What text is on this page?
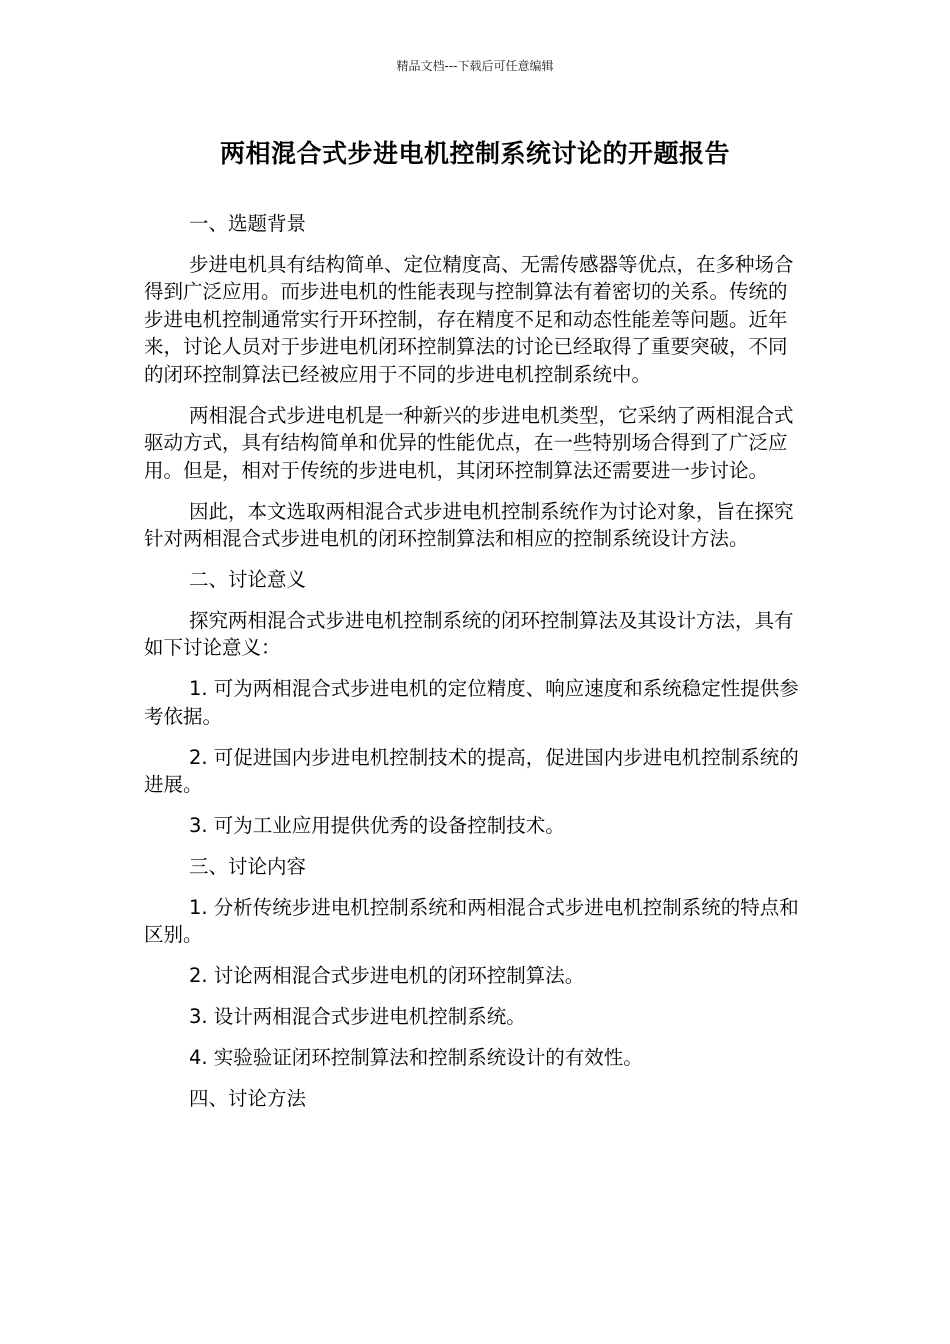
精品文档---下载后可任意编辑
两相混合式步进电机控制系统讨论的开题报告

一、选题背景

步进电机具有结构简单、定位精度高、无需传感器等优点，在多种场合得到广泛应用。而步进电机的性能表现与控制算法有着密切的关系。传统的步进电机控制通常实行开环控制，存在精度不足和动态性能差等问题。近年来，讨论人员对于步进电机闭环控制算法的讨论已经取得了重要突破，不同的闭环控制算法已经被应用于不同的步进电机控制系统中。

两相混合式步进电机是一种新兴的步进电机类型，它采纳了两相混合式驱动方式，具有结构简单和优异的性能优点，在一些特别场合得到了广泛应用。但是，相对于传统的步进电机，其闭环控制算法还需要进一步讨论。

因此，本文选取两相混合式步进电机控制系统作为讨论对象，旨在探究针对两相混合式步进电机的闭环控制算法和相应的控制系统设计方法。

二、讨论意义

探究两相混合式步进电机控制系统的闭环控制算法及其设计方法，具有如下讨论意义：

1. 可为两相混合式步进电机的定位精度、响应速度和系统稳定性提供参考依据。

2. 可促进国内步进电机控制技术的提高，促进国内步进电机控制系统的进展。

3. 可为工业应用提供优秀的设备控制技术。

三、讨论内容

1. 分析传统步进电机控制系统和两相混合式步进电机控制系统的特点和区别。

2. 讨论两相混合式步进电机的闭环控制算法。

3. 设计两相混合式步进电机控制系统。

4. 实验验证闭环控制算法和控制系统设计的有效性。

四、讨论方法
